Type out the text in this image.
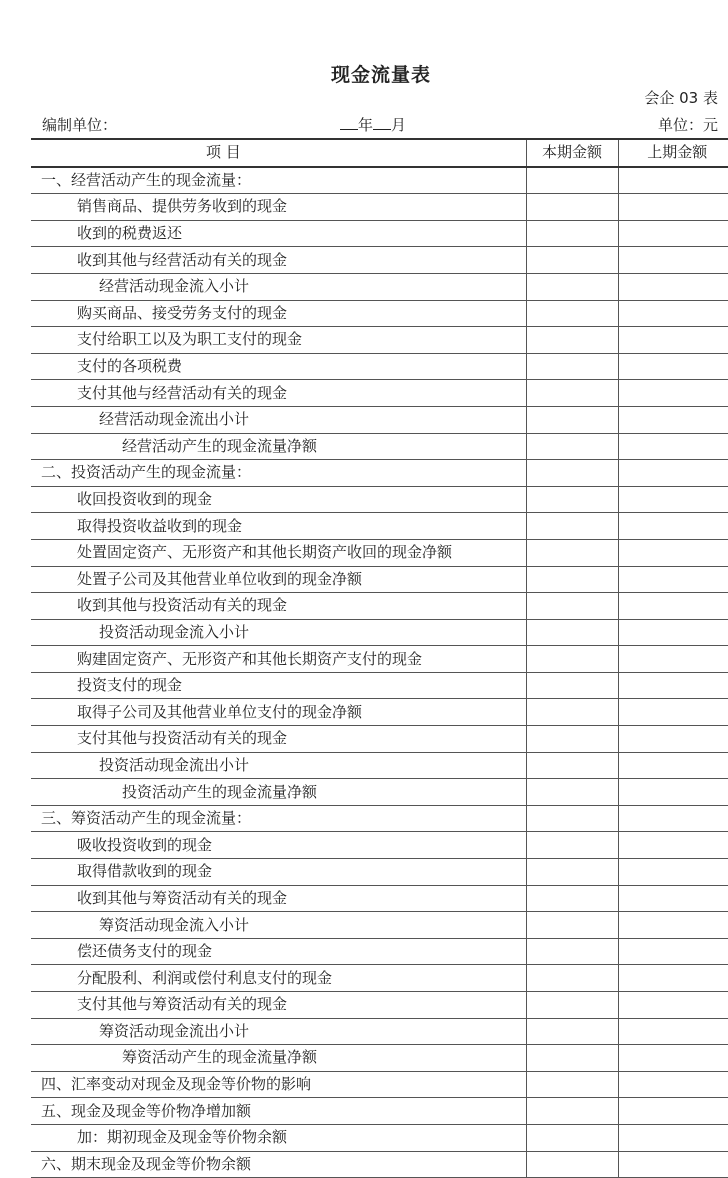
现金流量表
会企 03 表
编制单位：	年 月	单位：元
项 目	本期金额	上期金额
一、经营活动产生的现金流量：		
销售商品、提供劳务收到的现金		
收到的税费返还		
收到其他与经营活动有关的现金		
经营活动现金流入小计		
购买商品、接受劳务支付的现金		
支付给职工以及为职工支付的现金		
支付的各项税费		
支付其他与经营活动有关的现金		
经营活动现金流出小计		
经营活动产生的现金流量净额		
二、投资活动产生的现金流量：		
收回投资收到的现金		
取得投资收益收到的现金		
处置固定资产、无形资产和其他长期资产收回的现金净额		
处置子公司及其他营业单位收到的现金净额		
收到其他与投资活动有关的现金		
投资活动现金流入小计		
购建固定资产、无形资产和其他长期资产支付的现金		
投资支付的现金		
取得子公司及其他营业单位支付的现金净额		
支付其他与投资活动有关的现金		
投资活动现金流出小计		
投资活动产生的现金流量净额		
三、筹资活动产生的现金流量：		
吸收投资收到的现金		
取得借款收到的现金		
收到其他与筹资活动有关的现金		
筹资活动现金流入小计		
偿还债务支付的现金		
分配股利、利润或偿付利息支付的现金		
支付其他与筹资活动有关的现金		
筹资活动现金流出小计		
筹资活动产生的现金流量净额		
四、汇率变动对现金及现金等价物的影响		
五、现金及现金等价物净增加额		
加：期初现金及现金等价物余额		
六、期末现金及现金等价物余额		
